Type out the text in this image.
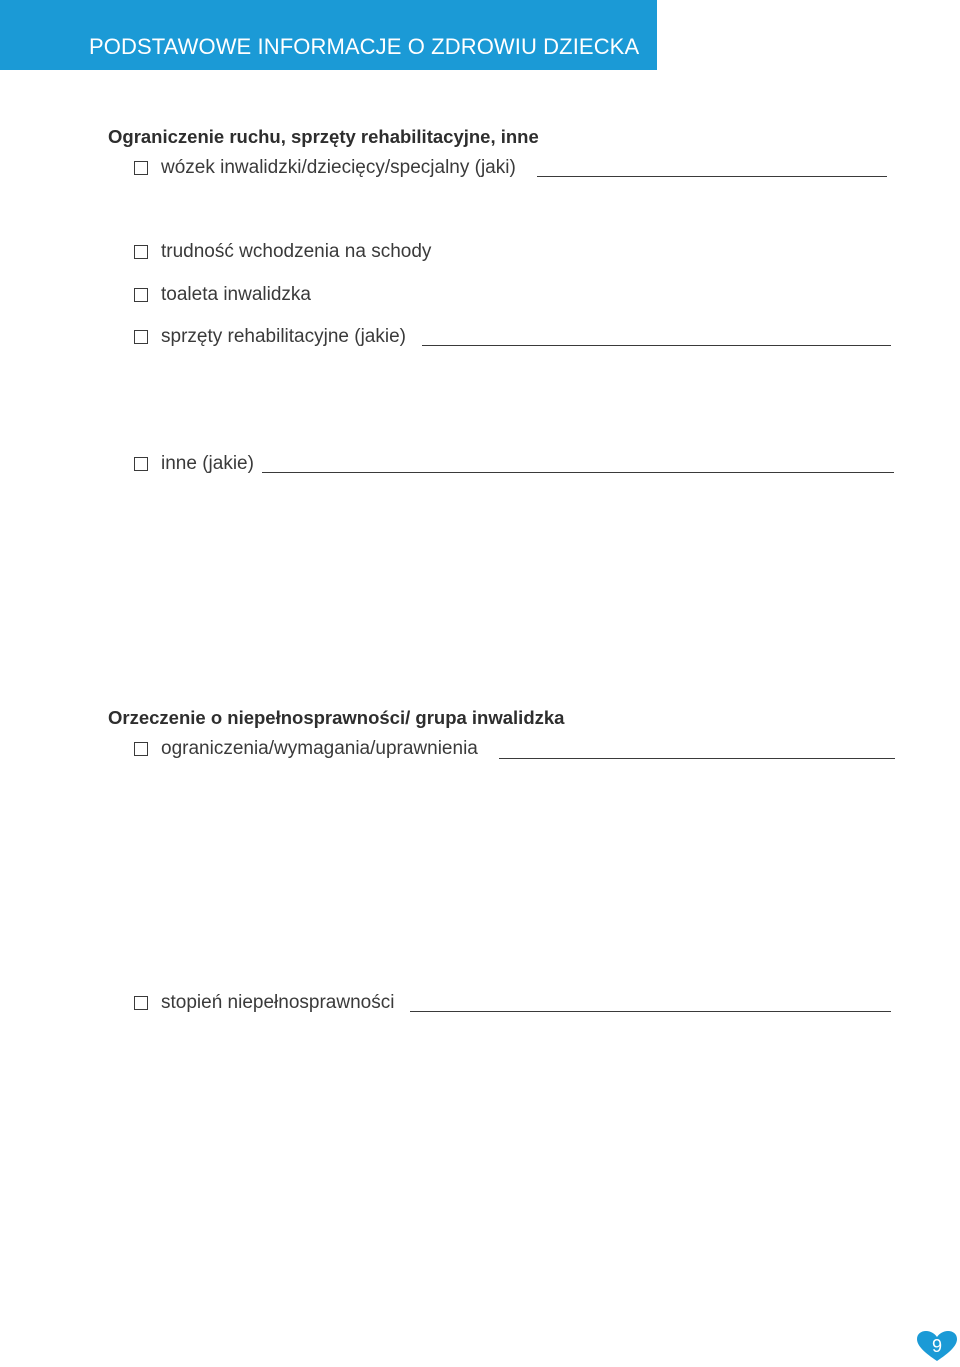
PODSTAWOWE INFORMACJE O ZDROWIU DZIECKA
Ograniczenie ruchu, sprzęty rehabilitacyjne, inne
wózek inwalidzki/dziecięcy/specjalny (jaki)
trudność wchodzenia na schody
toaleta inwalidzka
sprzęty rehabilitacyjne (jakie)
inne (jakie)
Orzeczenie o niepełnosprawności/ grupa inwalidzka
ograniczenia/wymagania/uprawnienia
stopień niepełnosprawności
9
